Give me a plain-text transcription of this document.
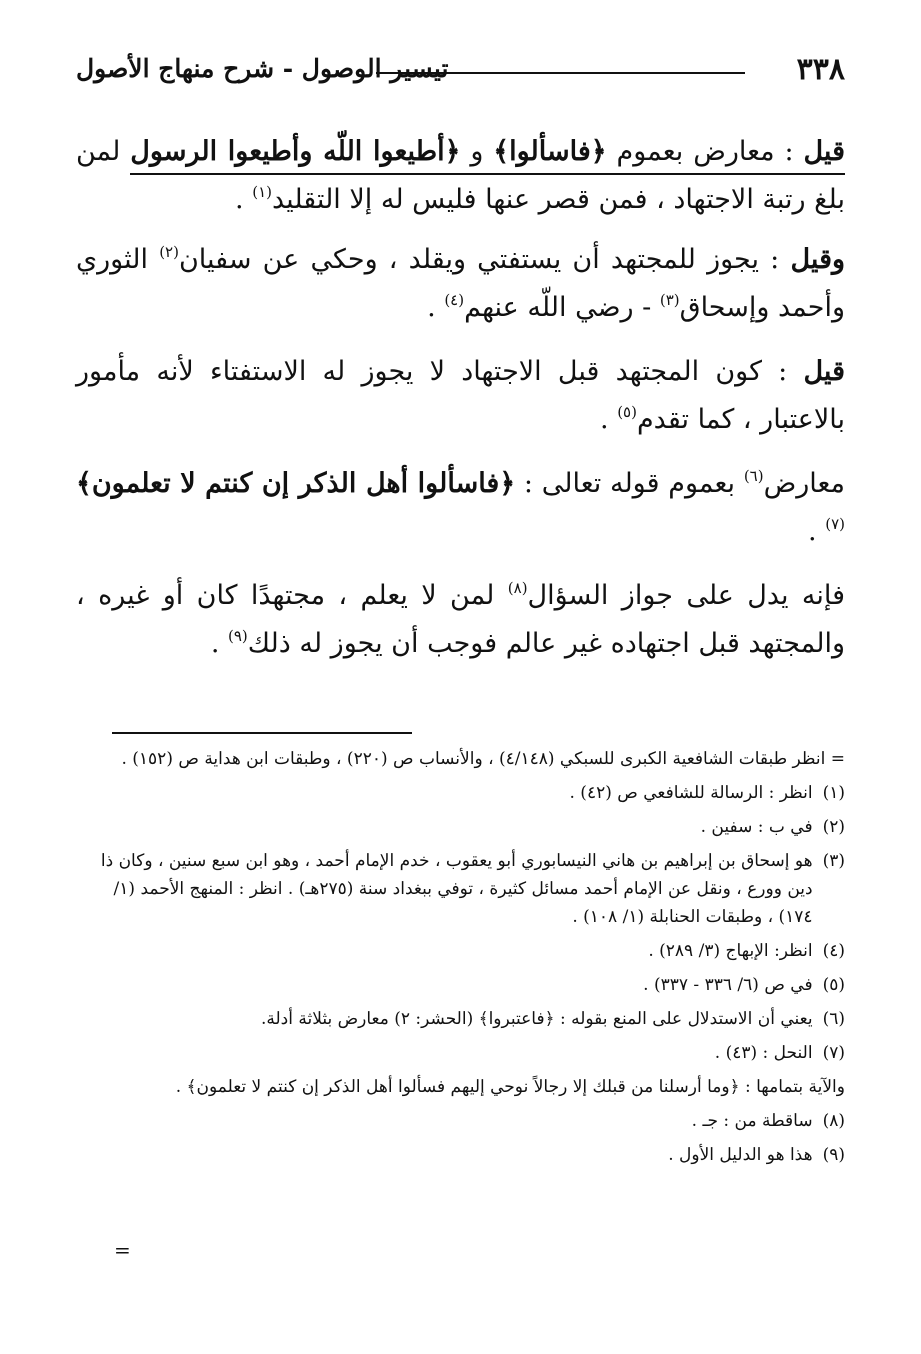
٣٣٨
تيسير الوصول - شرح منهاج الأصول

قيل : معارض بعموم ﴿فاسألوا﴾ و ﴿أطيعوا اللّه وأطيعوا الرسول لمن بلغ رتبة الاجتهاد ، فمن قصر عنها فليس له إلا التقليد$^{(١)}$ .

وقيل : يجوز للمجتهد أن يستفتي ويقلد ، وحكي عن سفيان$^{(٢)}$ الثوري وأحمد وإسحاق$^{(٣)}$ - رضي اللّه عنهم$^{(٤)}$ .

قيل : كون المجتهد قبل الاجتهاد لا يجوز له الاستفتاء لأنه مأمور بالاعتبار ، كما تقدم$^{(٥)}$ .

معارض$^{(٦)}$ بعموم قوله تعالى : ﴿فاسألوا أهل الذكر إن كنتم لا تعلمون﴾$^{(٧)}$ .

فإنه يدل على جواز السؤال$^{(٨)}$ لمن لا يعلم ، مجتهدًا كان أو غيره ، والمجتهد قبل اجتهاده غير عالم فوجب أن يجوز له ذلك$^{(٩)}$ .

= انظر طبقات الشافعية الكبرى للسبكي (٤/١٤٨) ، والأنساب ص (٢٢٠) ، وطبقات ابن هداية ص (١٥٢) .

(١)
انظر : الرسالة للشافعي ص (٤٢) .
(٢)
في ب : سفين .
(٣)
هو إسحاق بن إبراهيم بن هاني النيسابوري أبو يعقوب ، خدم الإمام أحمد ، وهو ابن سبع سنين ، وكان ذا دين وورع ، ونقل عن الإمام أحمد مسائل كثيرة ، توفي ببغداد سنة (٢٧٥هـ) . انظر : المنهج الأحمد (١/ ١٧٤) ، وطبقات الحنابلة (١/ ١٠٨) .
(٤)
انظر: الإبهاج (٣/ ٢٨٩) .
(٥)
في ص (٦/ ٣٣٦ - ٣٣٧) .
(٦)
يعني أن الاستدلال على المنع بقوله : ﴿فاعتبروا﴾ (الحشر: ٢) معارض بثلاثة أدلة.
(٧)
النحل : (٤٣) .

والآية بتمامها : ﴿وما أرسلنا من قبلك إلا رجالاً نوحي إليهم فسألوا أهل الذكر إن كنتم لا تعلمون﴾ .

(٨)
ساقطة من : جـ .
(٩)
هذا هو الدليل الأول .
=
